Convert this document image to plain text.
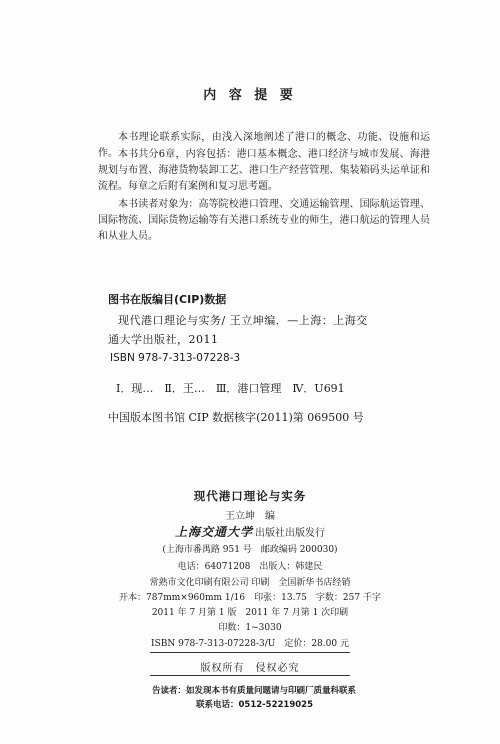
内 容 提 要
本书理论联系实际，由浅入深地阐述了港口的概念、功能、设施和运作。 本书共分6章，内容包括：港口基本概念、港口经济与城市发展、海港规划与布置、海港货物装卸工艺、港口生产经营管理、集装箱码头运单证和流程。每章之后附有案例和复习思考题。
本书读者对象为：高等院校港口管理、交通运输管理、国际航运管理、国际物流、国际货物运输等有关港口系统专业的师生，港口航运的管理人员和从业人员。
图书在版编目(CIP)数据
现代港口理论与实务/ 王立坤编．—上海：上海交
通大学出版社，2011
ISBN 978-7-313-07228-3
Ⅰ．现…　Ⅱ．王…　Ⅲ．港口管理　Ⅳ．U691
中国版本图书馆 CIP 数据核字(2011)第 069500 号
现代港口理论与实务
王立坤　编
上海交通大学 出版社出版发行
(上海市番禺路 951 号　邮政编码 200030)
电话：64071208　出版人：韩建民
常熟市文化印刷有限公司 印刷　全国新华书店经销
开本：787mm×960mm 1/16　印张：13.75　字数：257 千字
2011 年 7 月第 1 版　2011 年 7 月第 1 次印刷
印数：1~3030
ISBN 978-7-313-07228-3/U　定价：28.00 元
版权所有　侵权必究
告读者：如发现本书有质量问题请与印刷厂质量科联系
联系电话：0512-52219025
